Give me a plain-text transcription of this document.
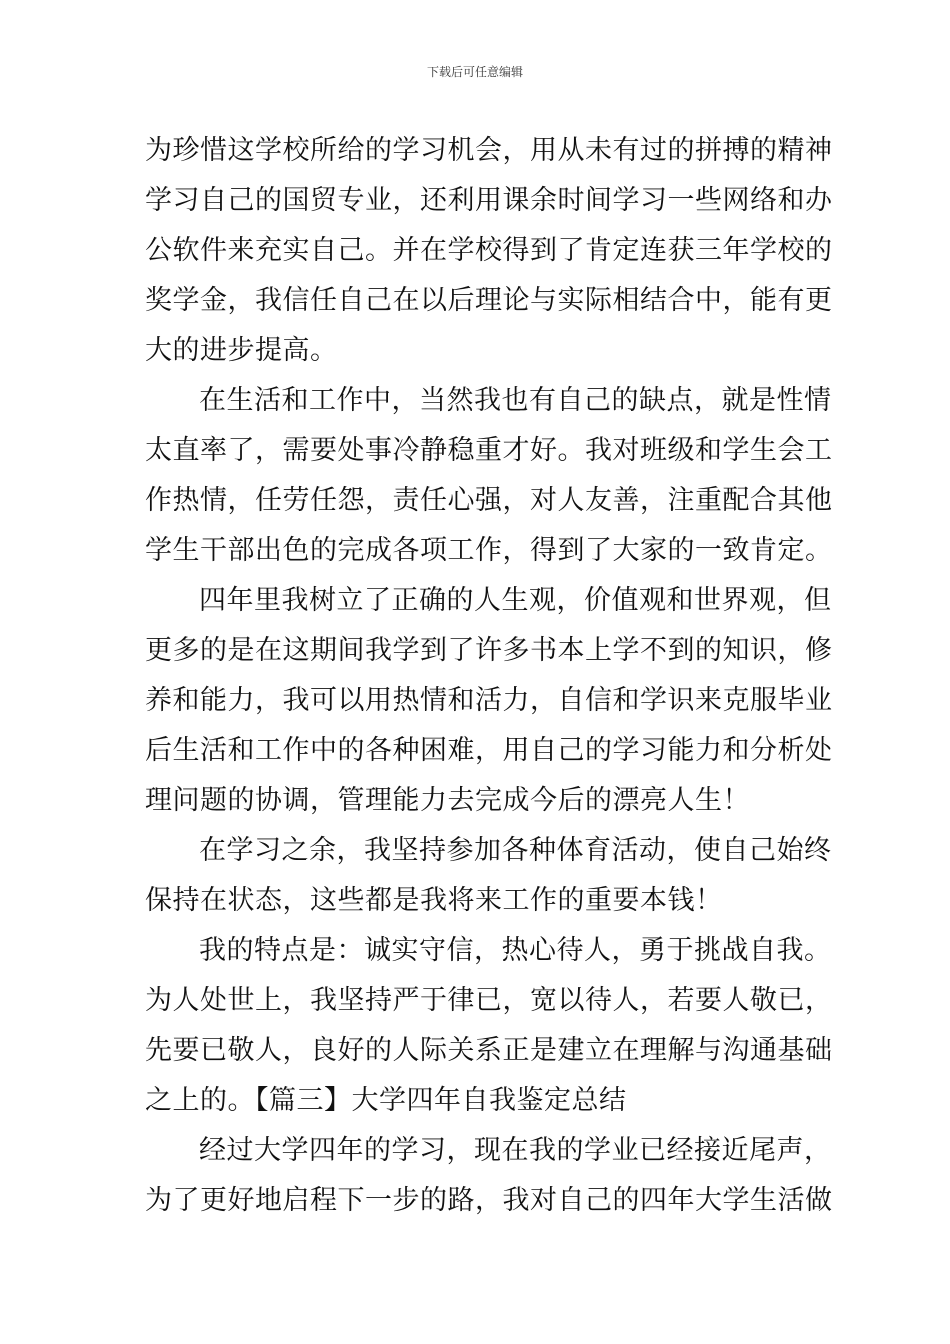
下载后可任意编辑
为珍惜这学校所给的学习机会，用从未有过的拼搏的精神
学习自己的国贸专业，还利用课余时间学习一些网络和办
公软件来充实自己。并在学校得到了肯定连获三年学校的
奖学金，我信任自己在以后理论与实际相结合中，能有更
大的进步提高。
在生活和工作中，当然我也有自己的缺点，就是性情
太直率了，需要处事冷静稳重才好。我对班级和学生会工
作热情，任劳任怨，责任心强，对人友善，注重配合其他
学生干部出色的完成各项工作，得到了大家的一致肯定。
四年里我树立了正确的人生观，价值观和世界观，但
更多的是在这期间我学到了许多书本上学不到的知识，修
养和能力，我可以用热情和活力，自信和学识来克服毕业
后生活和工作中的各种困难，用自己的学习能力和分析处
理问题的协调，管理能力去完成今后的漂亮人生！
在学习之余，我坚持参加各种体育活动，使自己始终
保持在状态，这些都是我将来工作的重要本钱！
我的特点是：诚实守信，热心待人，勇于挑战自我。
为人处世上，我坚持严于律已，宽以待人，若要人敬已，
先要已敬人，良好的人际关系正是建立在理解与沟通基础
之上的。【篇三】大学四年自我鉴定总结
经过大学四年的学习，现在我的学业已经接近尾声，
为了更好地启程下一步的路，我对自己的四年大学生活做
